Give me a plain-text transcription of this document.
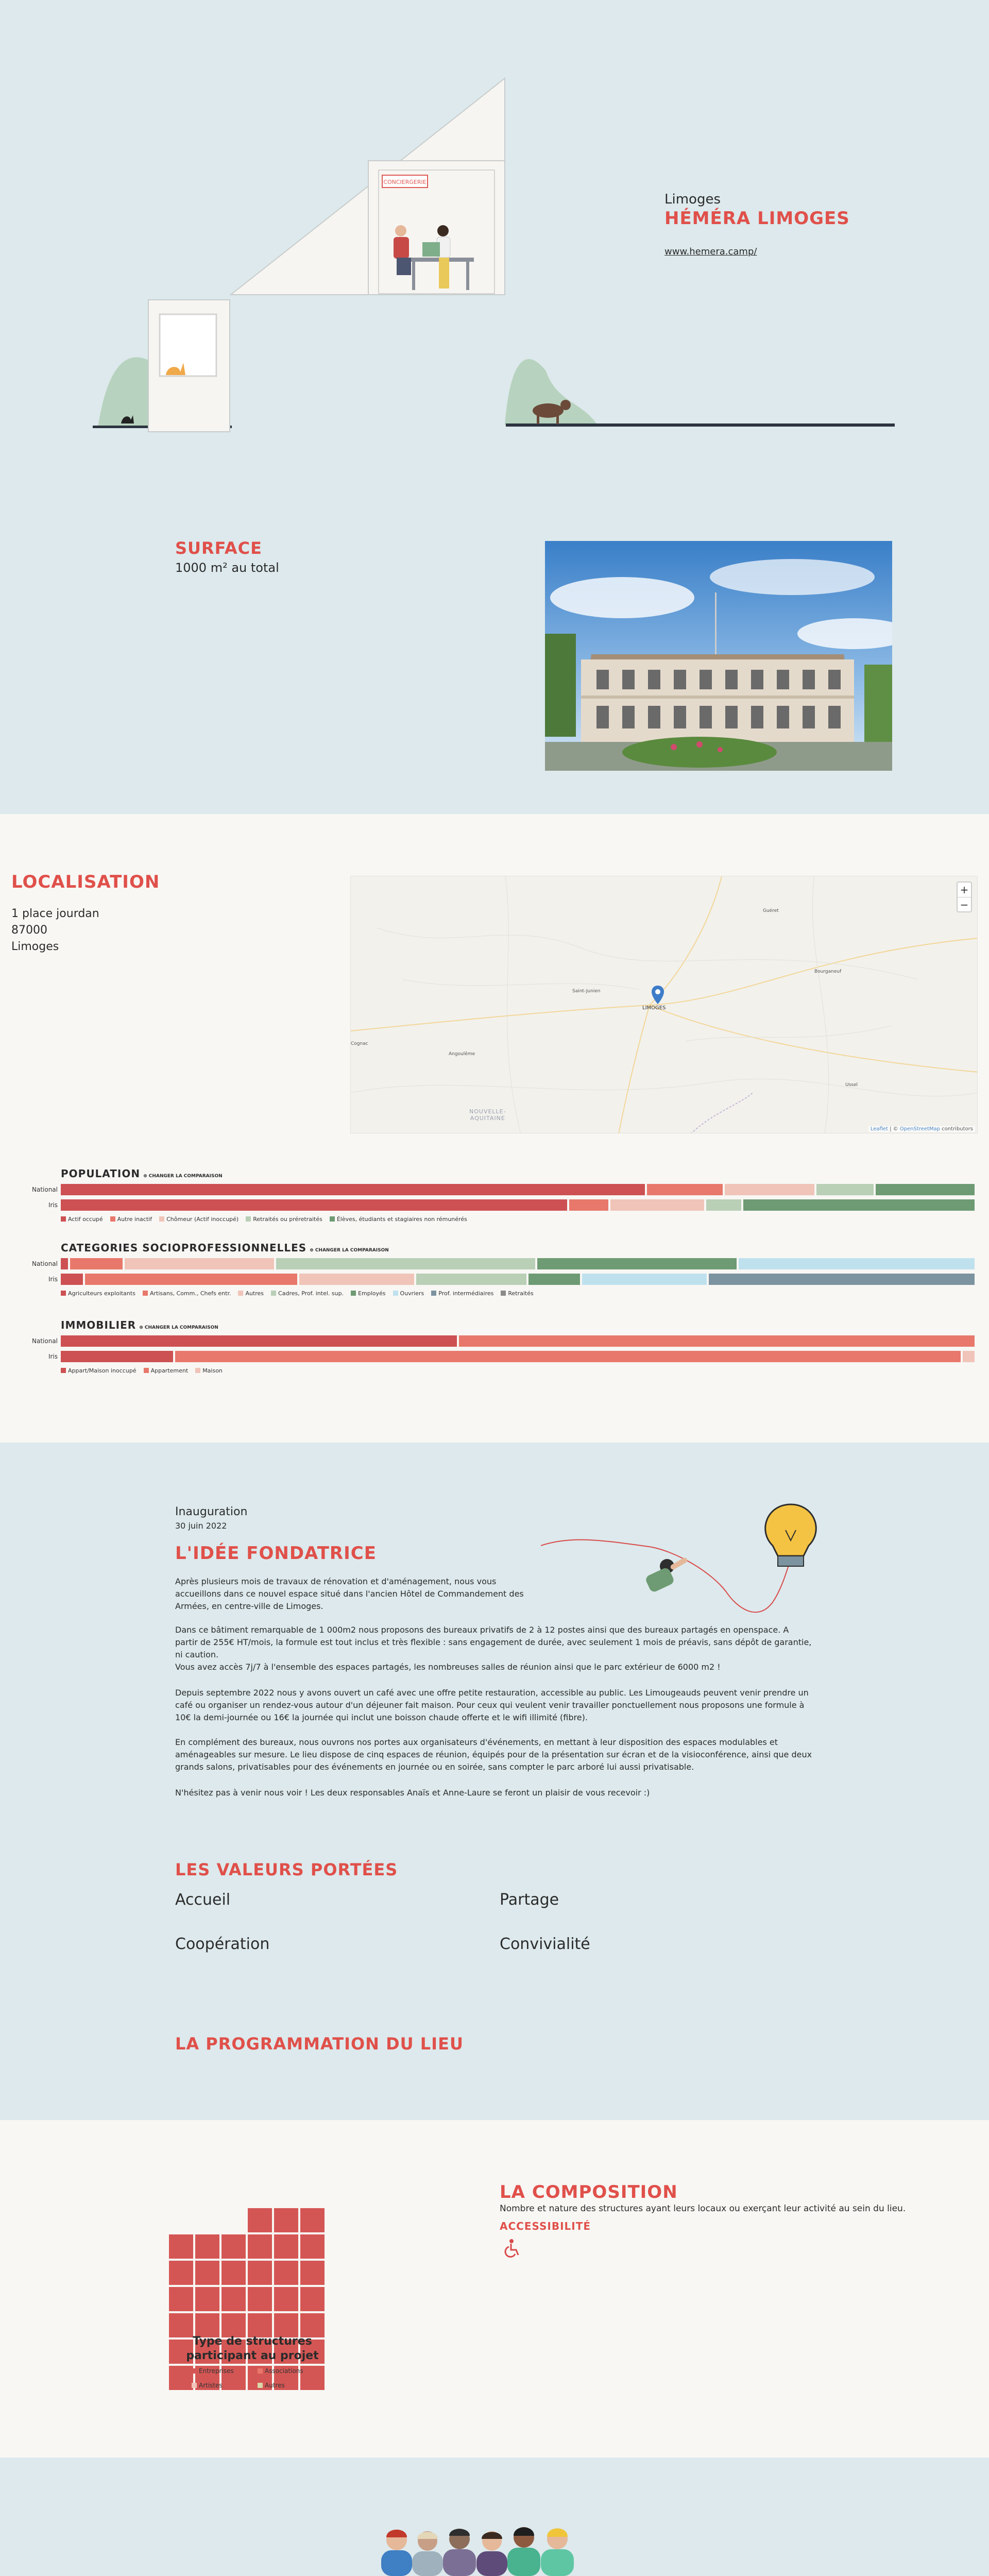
CONCIERGERIE
Limoges
HÉMÉRA LIMOGES
www.hemera.camp/
SURFACE
1000 m² au total
LOCALISATION
1 place jourdan
87000
Limoges
LIMOGES
Guéret
Saint-Junien
Bourganeuf
Cognac
Ussel
Angoulême
NOUVELLE-
AQUITAINE
+
−
Leaflet | © OpenStreetMap contributors
POPULATION ⊕ CHANGER LA COMPARAISON
National
Iris
Actif occupé	Autre inactif	Chômeur (Actif inoccupé)	Retraités ou préretraités	Élèves, étudiants et stagiaires non rémunérés
CATEGORIES SOCIOPROFESSIONNELLES ⊕ CHANGER LA COMPARAISON
National
Iris
Agriculteurs exploitants	Artisans, Comm., Chefs entr.	Autres	Cadres, Prof. intel. sup.	Employés	Ouvriers	Prof. intermédiaires	Retraités
IMMOBILIER ⊕ CHANGER LA COMPARAISON
National
Iris
Appart/Maison inoccupé	Appartement	Maison
Inauguration
30 juin 2022
L'IDÉE FONDATRICE
Après plusieurs mois de travaux de rénovation et d'aménagement, nous vous accueillons dans ce nouvel espace situé dans l'ancien Hôtel de Commandement des Armées, en centre-ville de Limoges.
Dans ce bâtiment remarquable de 1 000m2 nous proposons des bureaux privatifs de 2 à 12 postes ainsi que des bureaux partagés en openspace. A partir de 255€ HT/mois, la formule est tout inclus et très flexible : sans engagement de durée, avec seulement 1 mois de préavis, sans dépôt de garantie, ni caution.
Vous avez accès 7j/7 à l'ensemble des espaces partagés, les nombreuses salles de réunion ainsi que le parc extérieur de 6000 m2 !
Depuis septembre 2022 nous y avons ouvert un café avec une offre petite restauration, accessible au public. Les Limougeauds peuvent venir prendre un café ou organiser un rendez-vous autour d'un déjeuner fait maison. Pour ceux qui veulent venir travailler ponctuellement nous proposons une formule à 10€ la demi-journée ou 16€ la journée qui inclut une boisson chaude offerte et le wifi illimité (fibre).
En complément des bureaux, nous ouvrons nos portes aux organisateurs d'événements, en mettant à leur disposition des espaces modulables et aménageables sur mesure. Le lieu dispose de cinq espaces de réunion, équipés pour de la présentation sur écran et de la visioconférence, ainsi que deux grands salons, privatisables pour des événements en journée ou en soirée, sans compter le parc arboré lui aussi privatisable.
N'hésitez pas à venir nous voir ! Les deux responsables Anaïs et Anne-Laure se feront un plaisir de vous recevoir :)
LES VALEURS PORTÉES
Accueil	Partage
Coopération	Convivialité
LA PROGRAMMATION DU LIEU
Type de structures participant au projet
Entreprises	Associations
Artistes	Autres
LA COMPOSITION
Nombre et nature des structures ayant leurs locaux ou exerçant leur activité au sein du lieu.
ACCESSIBILITÉ
